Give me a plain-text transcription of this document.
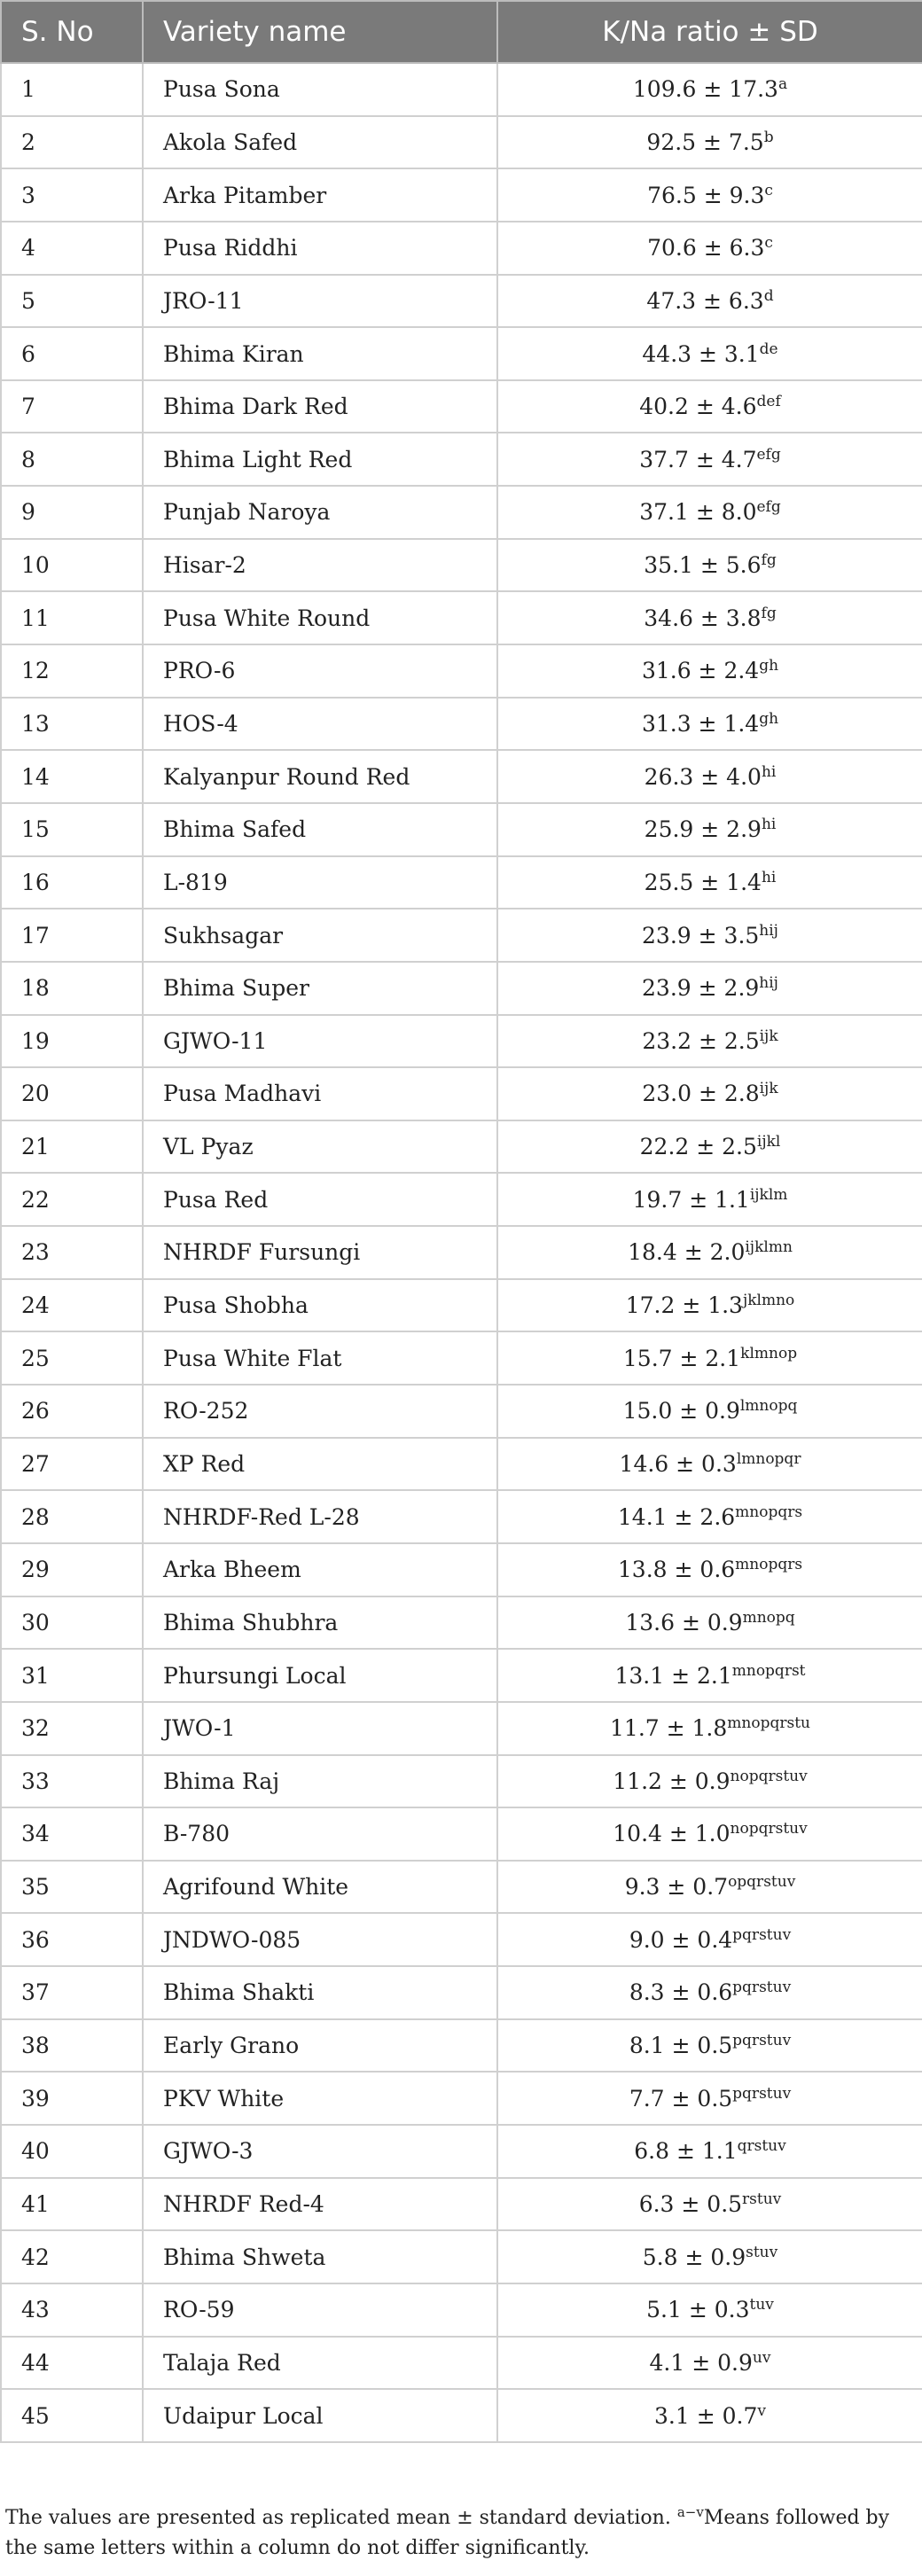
S. No	Variety name	K/Na ratio ± SD
1	Pusa Sona	109.6 ± 17.3$^a$
2	Akola Safed	92.5 ± 7.5$^b$
3	Arka Pitamber	76.5 ± 9.3$^c$
4	Pusa Riddhi	70.6 ± 6.3$^c$
5	JRO-11	47.3 ± 6.3$^d$
6	Bhima Kiran	44.3 ± 3.1de
7	Bhima Dark Red	40.2 ± 4.6$^{def}$
8	Bhima Light Red	37.7 ± 4.7$^{efg}$
9	Punjab Naroya	37.1 ± 8.0$^{efg}$
10	Hisar-2	35.1 ± 5.6$^{fg}$
11	Pusa White Round	34.6 ± 3.8$^{fg}$
12	PRO-6	31.6 ± 2.4$^{gh}$
13	HOS-4	31.3 ± 1.4$^{gh}$
14	Kalyanpur Round Red	$26.3 \pm 4.0^{hi}$
15	Bhima Safed	$25.9 \pm 2.9^{hi}$
16	L-819	$25.5 \pm 1.4^{hi}$
17	Sukhsagar	$23.9 \pm 3.5^{hij}$
18	Bhima Super	$23.9 \pm 2.9^{hij}$
19	GJWO-11	$23.2 \pm 2.5^{ijk}$
20	Pusa Madhavi	$23.0 \pm 2.8^{ijk}$
21	VL Pyaz	$22.2 \pm 2.5^{ijkl}$
22	Pusa Red	$19.7 \pm 1.1^{ijklm}$
23	NHRDF Fursungi	$18.4 \pm 2.0^{ijklmn}$
24	Pusa Shobha	$17.2 \pm 1.3^{jklmno}$
25	Pusa White Flat	$15.7 \pm 2.1^{klmnop}$
26	RO-252	$15.0 \pm 0.9^{lmnopq}$
27	XP Red	$14.6 \pm 0.3^{lmnopqr}$
28	NHRDF-Red L-28	$14.1 \pm 2.6^{mnopqrs}$
29	Arka Bheem	$13.8 \pm 0.6^{mnopqrs}$
30	Bhima Shubhra	$13.6 \pm 0.9^{mnopq}$
31	Phursungi Local	$13.1 \pm 2.1^{mnopqrst}$
32	JWO-1	$11.7 \pm 1.8^{mnopqrstu}$
33	Bhima Raj	$11.2 \pm 0.9^{nopqrstuv}$
34	B-780	$10.4 \pm 1.0^{nopqrstuv}$
35	Agrifound White	$9.3 \pm 0.7^{opqrstuv}$
36	JNDWO-085	$9.0 \pm 0.4^{pqrstuv}$
37	Bhima Shakti	$8.3 \pm 0.6^{pqrstuv}$
38	Early Grano	$8.1 \pm 0.5^{pqrstuv}$
39	PKV White	$7.7 \pm 0.5^{pqrstuv}$
40	GJWO-3	$6.8 \pm 1.1^{qrstuv}$
41	NHRDF Red-4	$6.3 \pm 0.5^{rstuv}$
42	Bhima Shweta	$5.8 \pm 0.9^{stuv}$
43	RO-59	$5.1 \pm 0.3^{tuv}$
44	Talaja Red	$4.1 \pm 0.9^{uv}$
45	Udaipur Local	$3.1 \pm 0.7^v$
The values are presented as replicated mean ± standard deviation. $^{a-v}$Means followed by the same letters within a column do not differ significantly.
